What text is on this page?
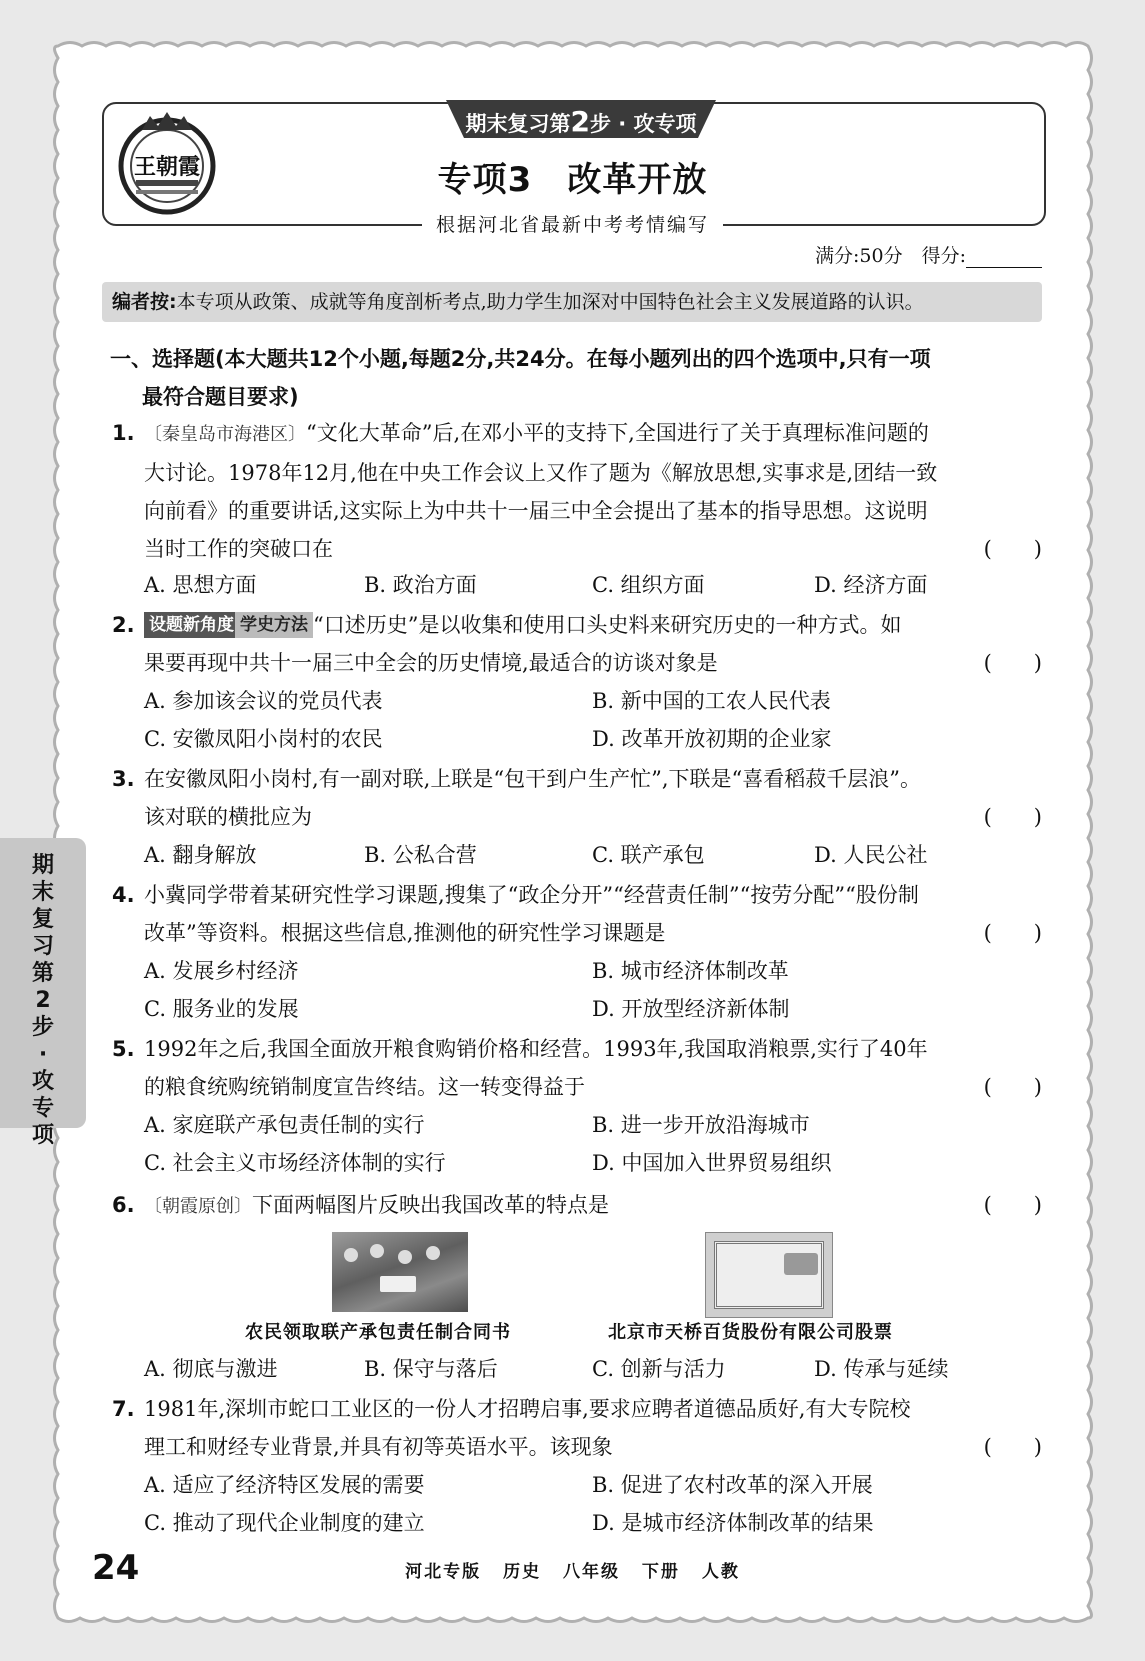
王朝霞
期末复习第2步 · 攻专项
专项3　改革开放
根据河北省最新中考考情编写
满分:50分　得分:
编者按:本专项从政策、成就等角度剖析考点,助力学生加深对中国特色社会主义发展道路的认识。
一、选择题(本大题共12个小题,每题2分,共24分。在每小题列出的四个选项中,只有一项
最符合题目要求)
1. 〔秦皇岛市海港区〕“文化大革命”后,在邓小平的支持下,全国进行了关于真理标准问题的
大讨论。1978年12月,他在中央工作会议上又作了题为《解放思想,实事求是,团结一致
向前看》的重要讲话,这实际上为中共十一届三中全会提出了基本的指导思想。这说明
当时工作的突破口在	(　　)
A. 思想方面	B. 政治方面	C. 组织方面	D. 经济方面
2. 设题新角度 学史方法 “口述历史”是以收集和使用口头史料来研究历史的一种方式。如
果要再现中共十一届三中全会的历史情境,最适合的访谈对象是	(　　)
A. 参加该会议的党员代表	B. 新中国的工农人民代表
C. 安徽凤阳小岗村的农民	D. 改革开放初期的企业家
3. 在安徽凤阳小岗村,有一副对联,上联是“包干到户生产忙”,下联是“喜看稻菽千层浪”。
该对联的横批应为	(　　)
A. 翻身解放	B. 公私合营	C. 联产承包	D. 人民公社
4. 小冀同学带着某研究性学习课题,搜集了“政企分开”“经营责任制”“按劳分配”“股份制
改革”等资料。根据这些信息,推测他的研究性学习课题是	(　　)
A. 发展乡村经济	B. 城市经济体制改革
C. 服务业的发展	D. 开放型经济新体制
5. 1992年之后,我国全面放开粮食购销价格和经营。1993年,我国取消粮票,实行了40年
的粮食统购统销制度宣告终结。这一转变得益于	(　　)
A. 家庭联产承包责任制的实行	B. 进一步开放沿海城市
C. 社会主义市场经济体制的实行	D. 中国加入世界贸易组织
6. 〔朝霞原创〕下面两幅图片反映出我国改革的特点是	(　　)
农民领取联产承包责任制合同书	北京市天桥百货股份有限公司股票
A. 彻底与激进	B. 保守与落后	C. 创新与活力	D. 传承与延续
7. 1981年,深圳市蛇口工业区的一份人才招聘启事,要求应聘者道德品质好,有大专院校
理工和财经专业背景,并具有初等英语水平。该现象	(　　)
A. 适应了经济特区发展的需要	B. 促进了农村改革的深入开展
C. 推动了现代企业制度的建立	D. 是城市经济体制改革的结果
期末复习第2步·攻专项
24	河北专版 历史 八年级 下册 人教
